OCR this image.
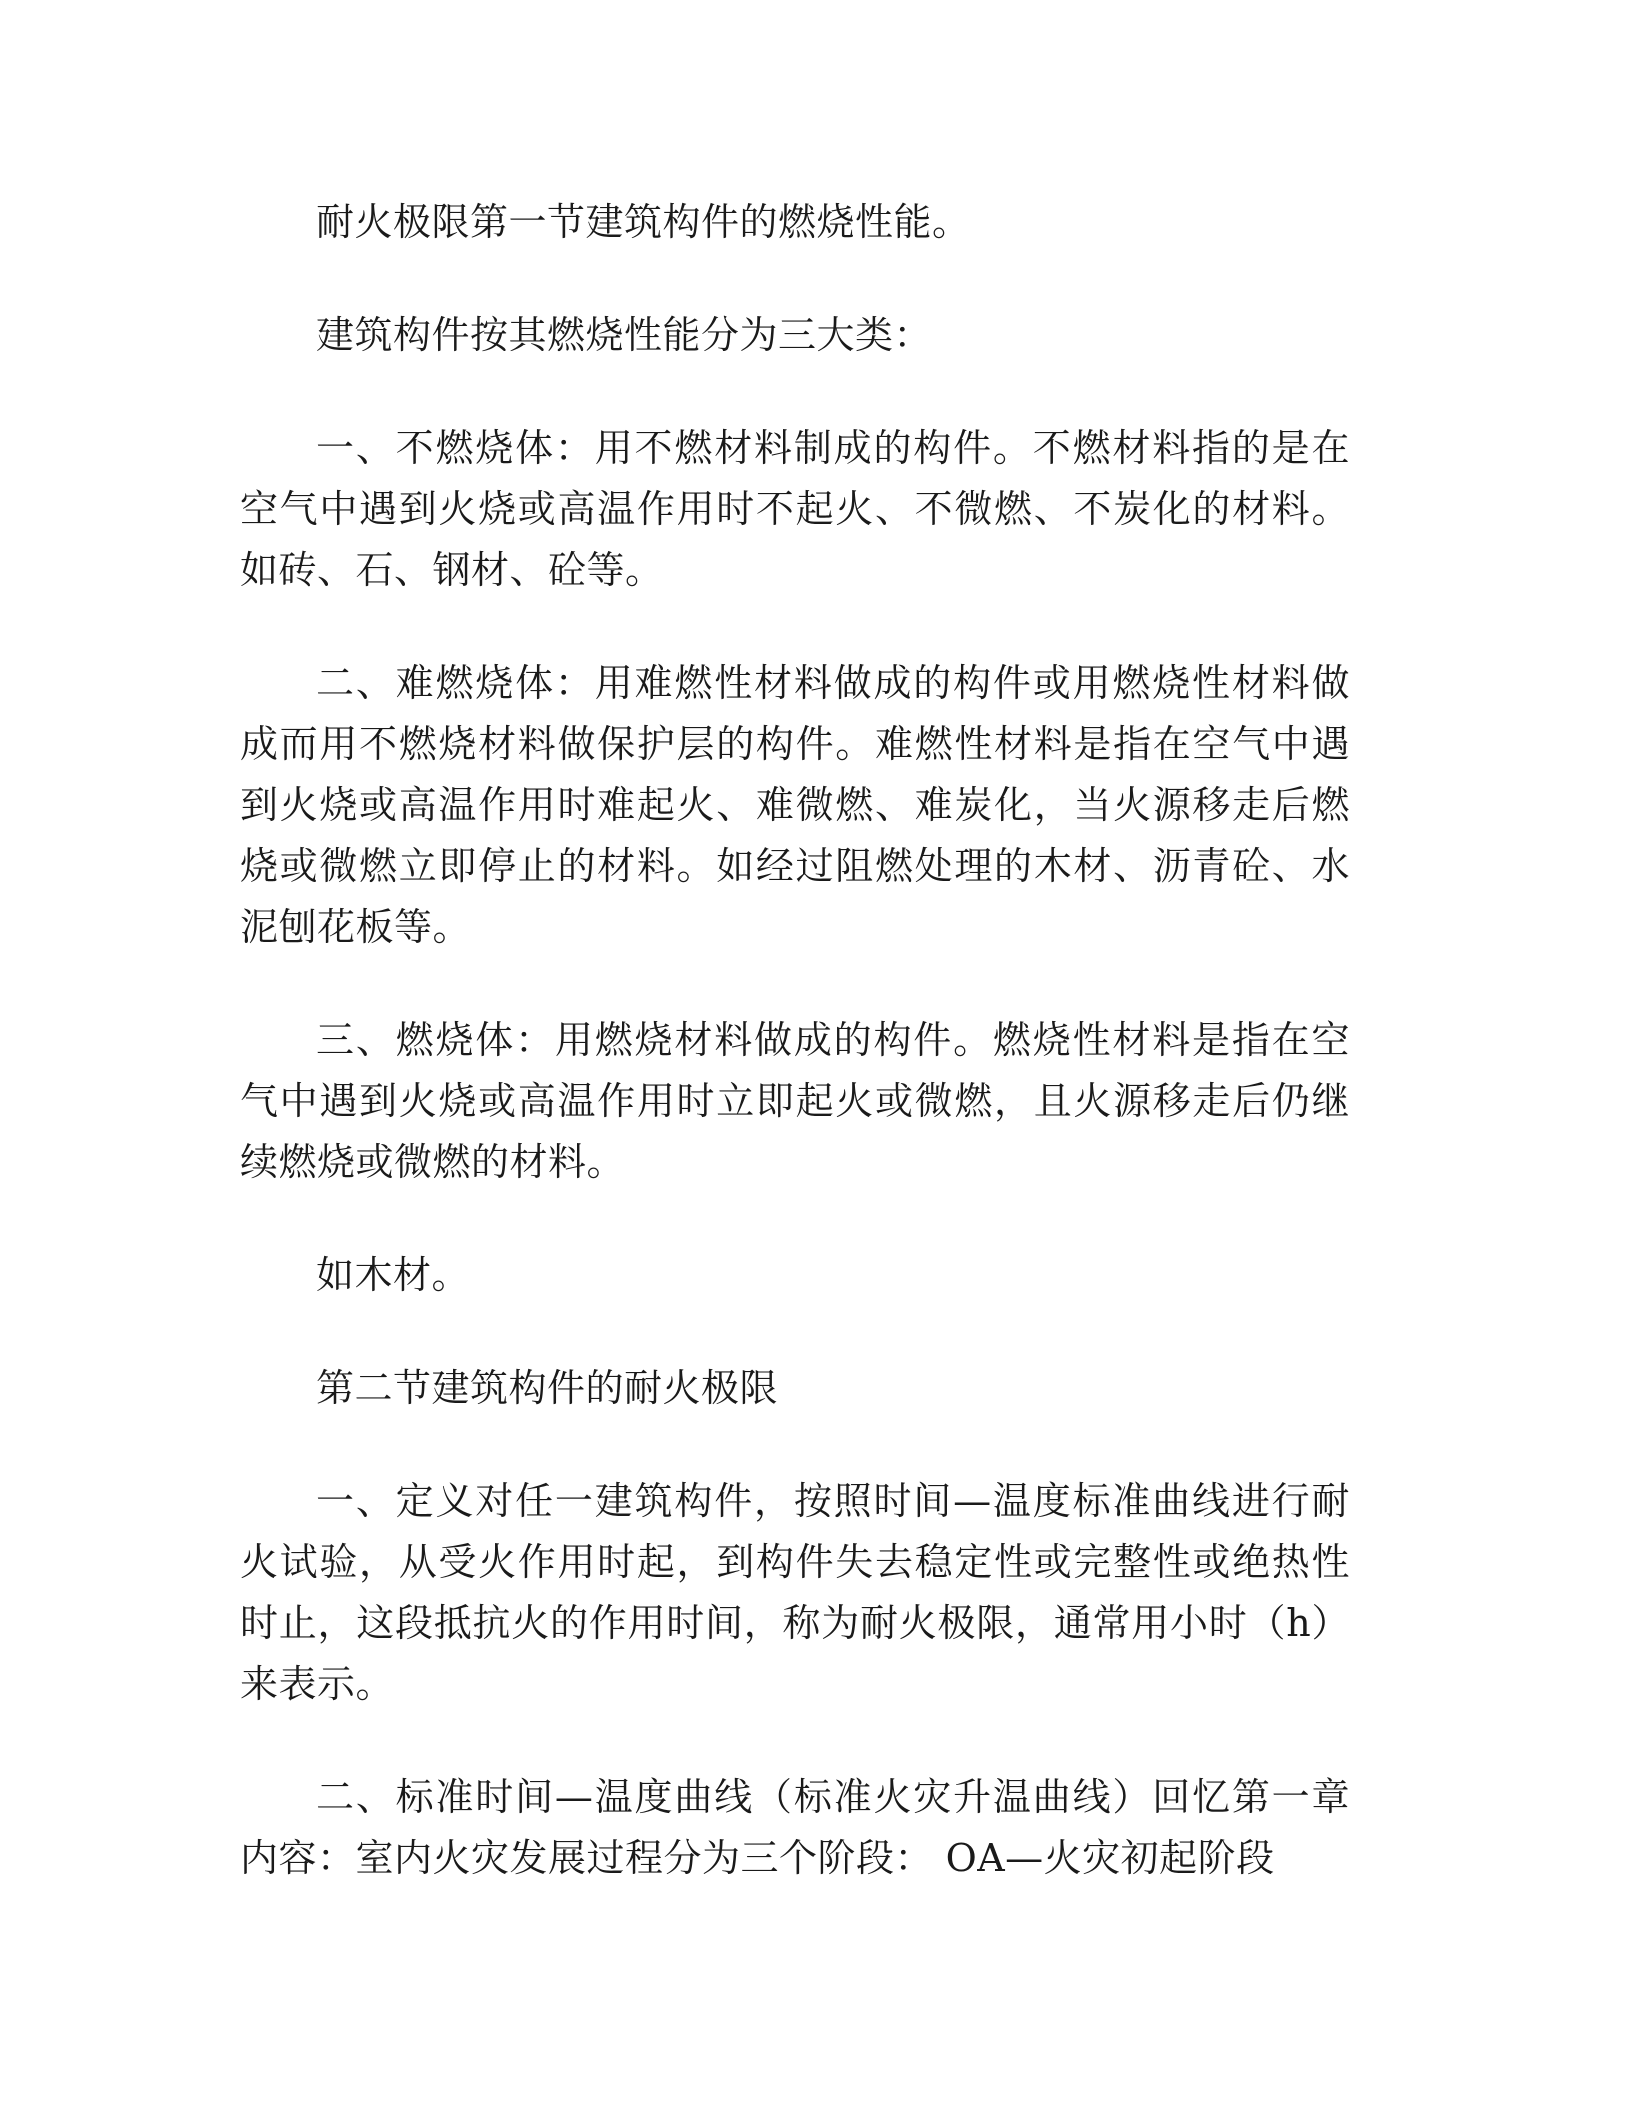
耐火极限第一节建筑构件的燃烧性能。

建筑构件按其燃烧性能分为三大类：

一、不燃烧体：用不燃材料制成的构件。不燃材料指的是在空气中遇到火烧或高温作用时不起火、不微燃、不炭化的材料。如砖、石、钢材、砼等。

二、难燃烧体：用难燃性材料做成的构件或用燃烧性材料做成而用不燃烧材料做保护层的构件。难燃性材料是指在空气中遇到火烧或高温作用时难起火、难微燃、难炭化，当火源移走后燃烧或微燃立即停止的材料。如经过阻燃处理的木材、沥青砼、水泥刨花板等。

三、燃烧体：用燃烧材料做成的构件。燃烧性材料是指在空气中遇到火烧或高温作用时立即起火或微燃，且火源移走后仍继续燃烧或微燃的材料。

如木材。

第二节建筑构件的耐火极限

一、定义对任一建筑构件，按照时间—温度标准曲线进行耐火试验，从受火作用时起，到构件失去稳定性或完整性或绝热性时止，这段抵抗火的作用时间，称为耐火极限，通常用小时（h）来表示。

二、标准时间—温度曲线（标准火灾升温曲线）回忆第一章内容：室内火灾发展过程分为三个阶段： OA—火灾初起阶段
